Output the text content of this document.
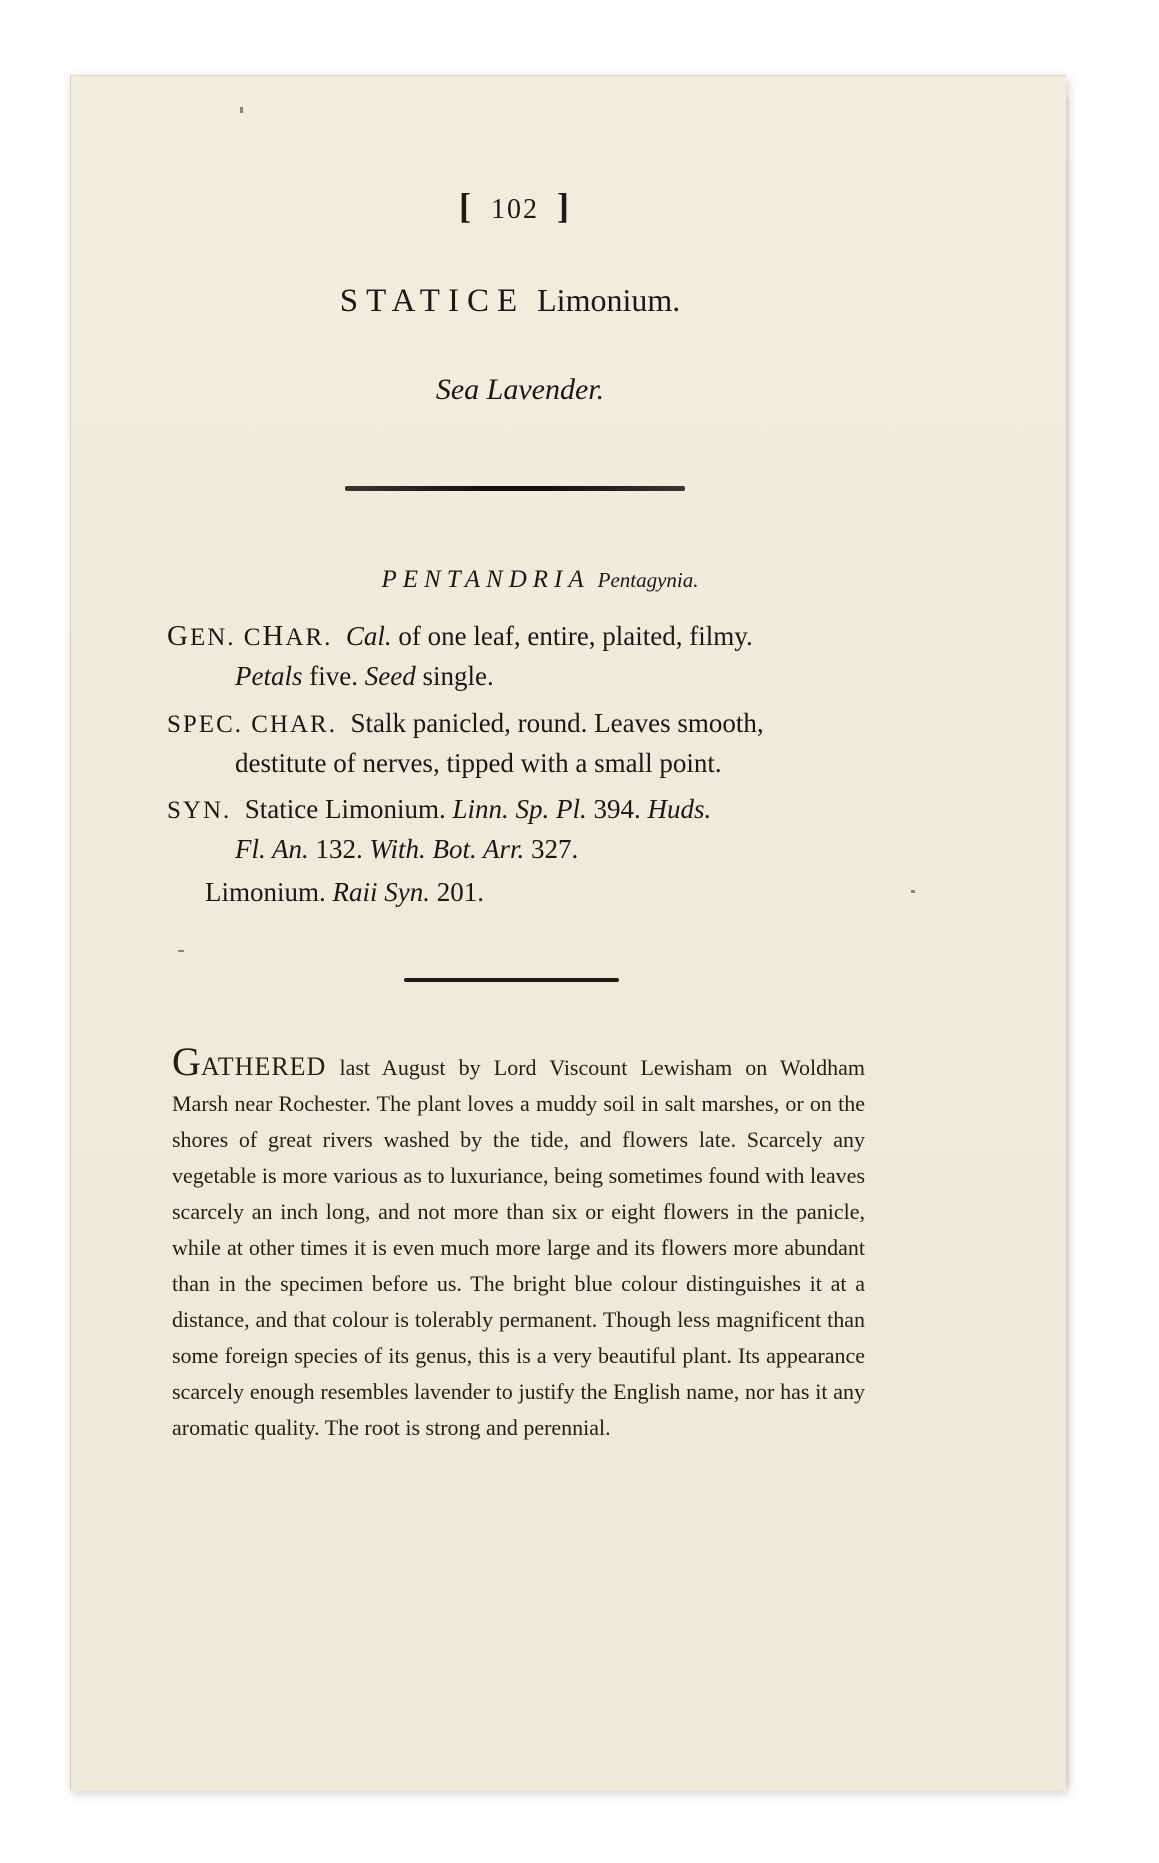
[ 102 ]
STATICE Limonium.
Sea Lavender.
PENTANDRIA Pentagynia.
GEN. CHAR. Cal. of one leaf, entire, plaited, filmy.
Petals five. Seed single.
SPEC. CHAR. Stalk panicled, round. Leaves smooth,
destitute of nerves, tipped with a small point.
SYN. Statice Limonium. Linn. Sp. Pl. 394. Huds.
Fl. An. 132. With. Bot. Arr. 327.
Limonium. Raii Syn. 201.
GATHERED last August by Lord Viscount Lewisham on Woldham Marsh near Rochester. The plant loves a muddy soil in salt marshes, or on the shores of great rivers washed by the tide, and flowers late. Scarcely any vegetable is more various as to luxuriance, being sometimes found with leaves scarcely an inch long, and not more than six or eight flowers in the panicle, while at other times it is even much more large and its flowers more abundant than in the specimen before us. The bright blue colour distinguishes it at a distance, and that colour is tolerably permanent. Though less magnificent than some foreign species of its genus, this is a very beautiful plant. Its appearance scarcely enough resembles lavender to justify the English name, nor has it any aromatic quality. The root is strong and perennial.
